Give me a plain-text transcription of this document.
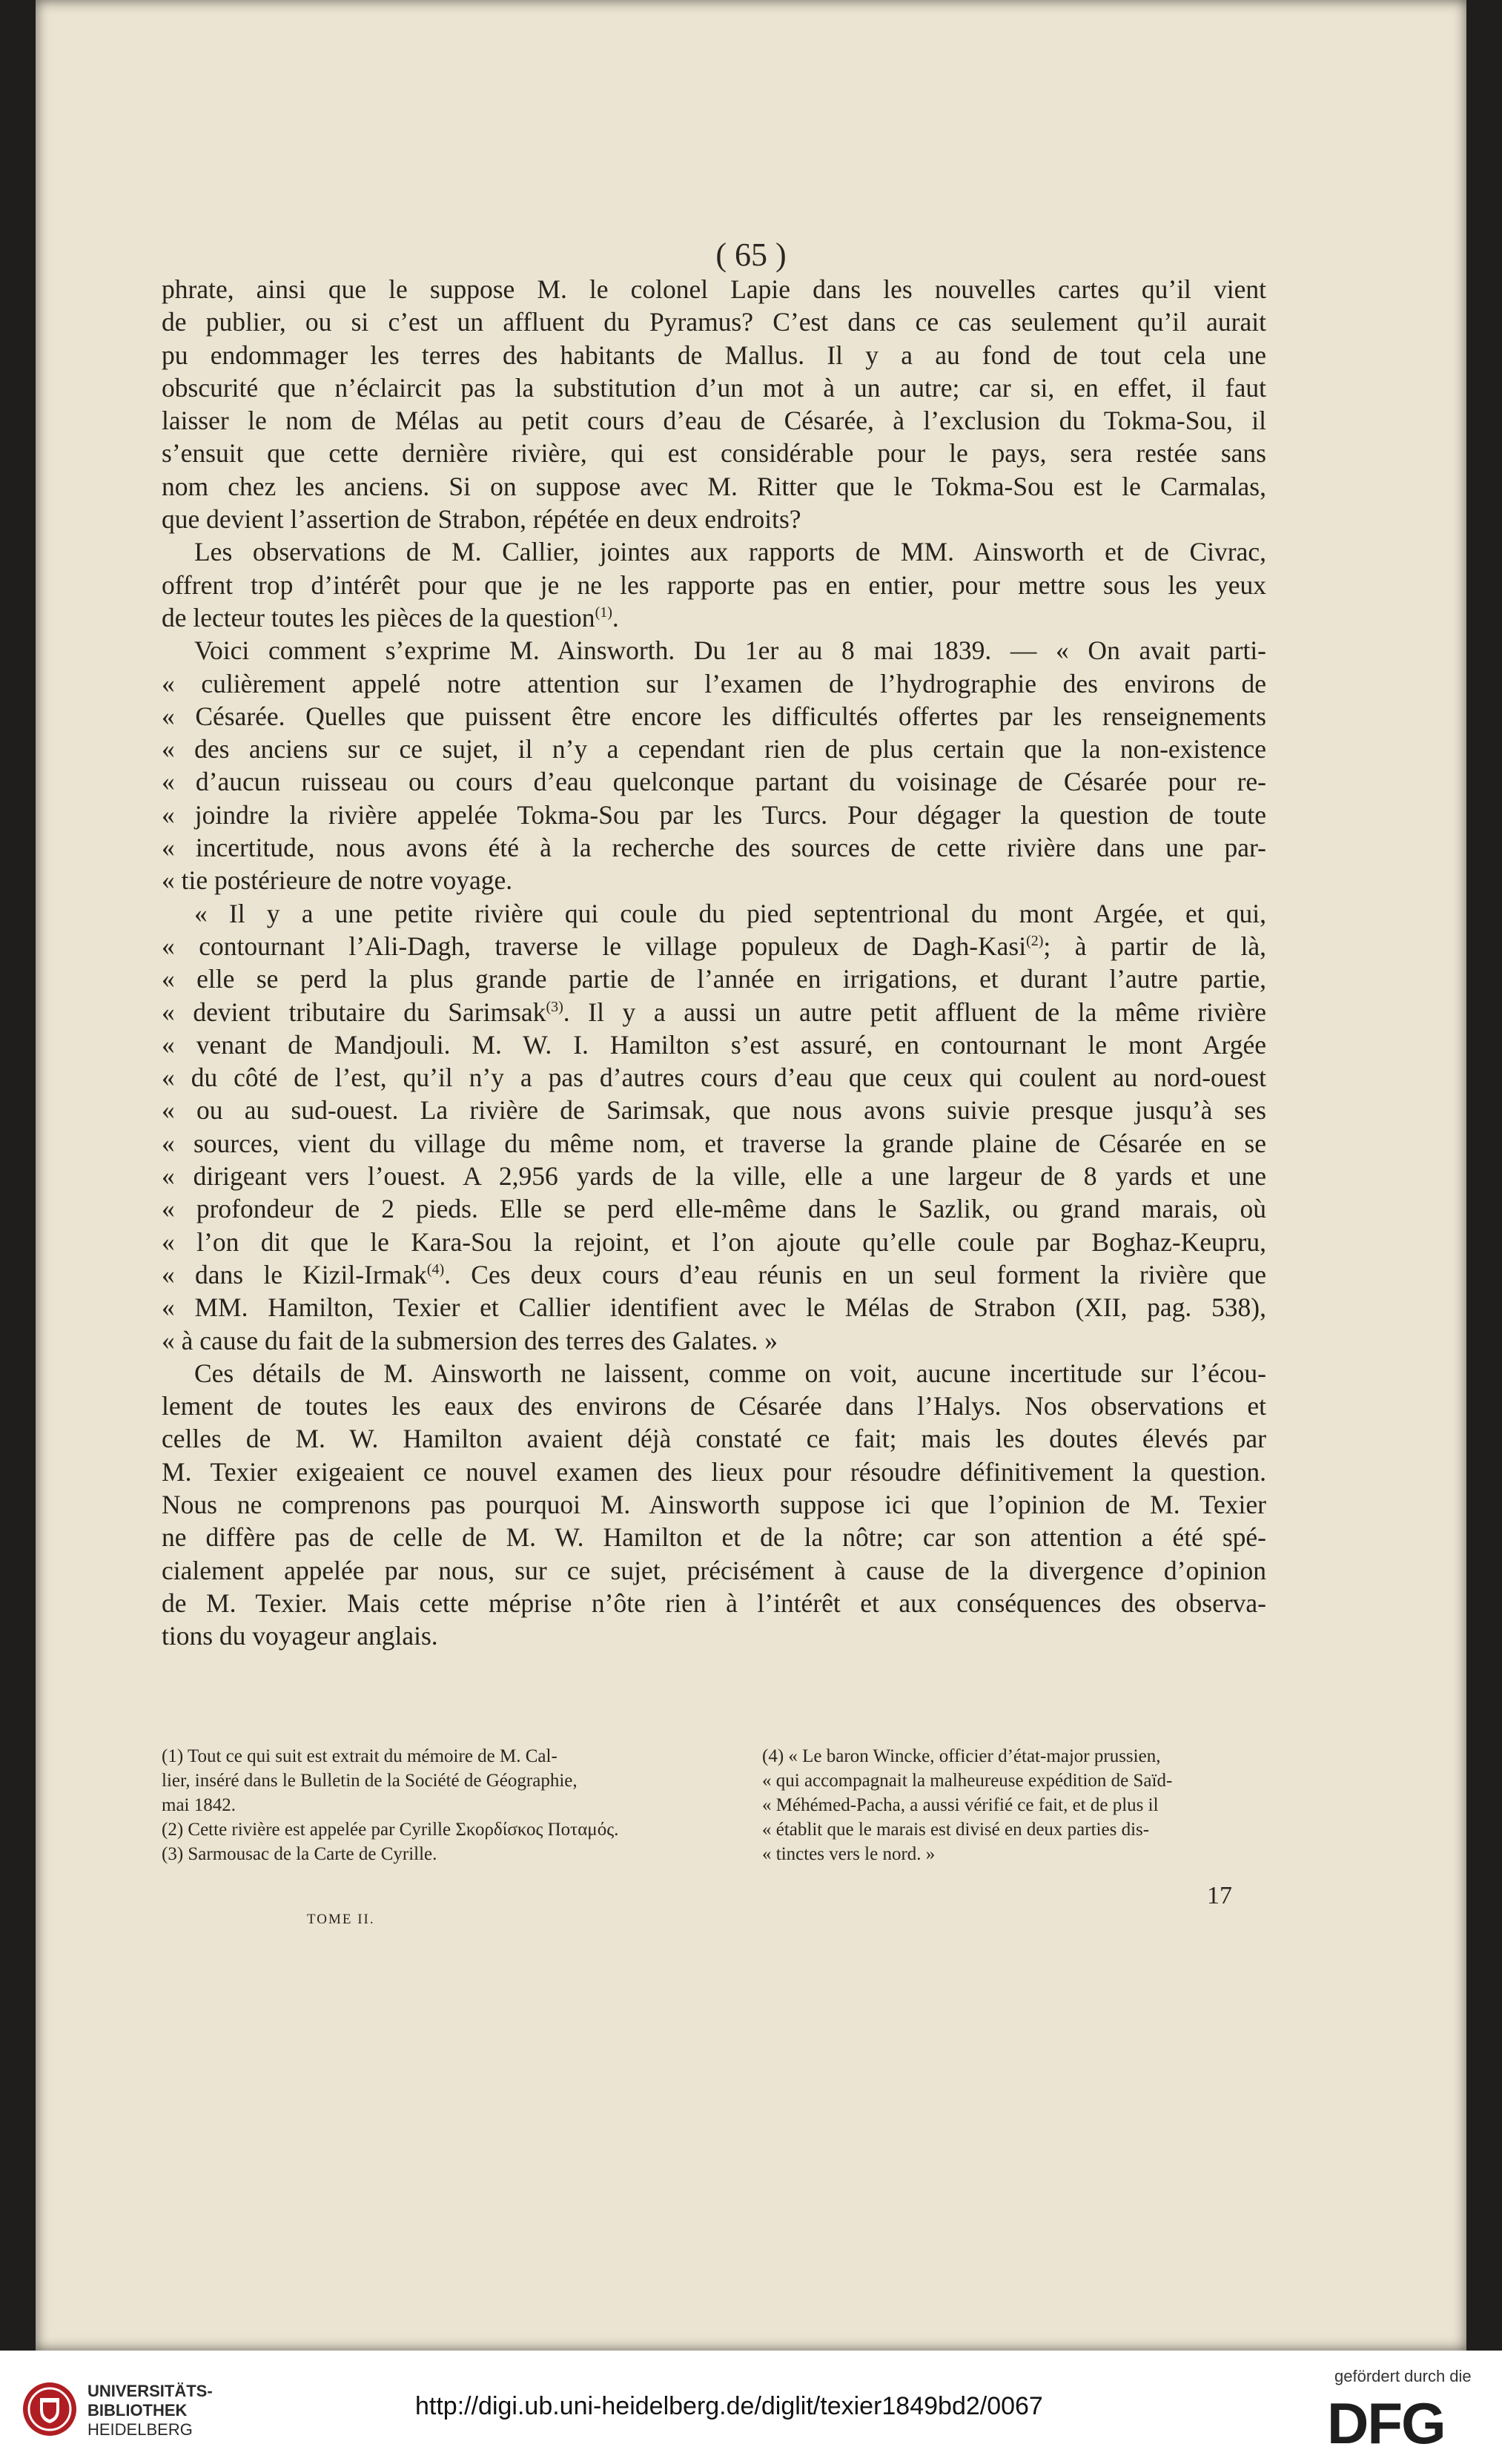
( 65 )
phrate, ainsi que le suppose M. le colonel Lapie dans les nouvelles cartes qu’il vient
de publier, ou si c’est un affluent du Pyramus? C’est dans ce cas seulement qu’il aurait
pu endommager les terres des habitants de Mallus. Il y a au fond de tout cela une
obscurité que n’éclaircit pas la substitution d’un mot à un autre; car si, en effet, il faut
laisser le nom de Mélas au petit cours d’eau de Césarée, à l’exclusion du Tokma-Sou, il
s’ensuit que cette dernière rivière, qui est considérable pour le pays, sera restée sans
nom chez les anciens. Si on suppose avec M. Ritter que le Tokma-Sou est le Carmalas,
que devient l’assertion de Strabon, répétée en deux endroits?
Les observations de M. Callier, jointes aux rapports de MM. Ainsworth et de Civrac,
offrent trop d’intérêt pour que je ne les rapporte pas en entier, pour mettre sous les yeux
de lecteur toutes les pièces de la question$^{(1)}$.
Voici comment s’exprime M. Ainsworth. Du 1er au 8 mai 1839. — « On avait parti-
« culièrement appelé notre attention sur l’examen de l’hydrographie des environs de
« Césarée. Quelles que puissent être encore les difficultés offertes par les renseignements
« des anciens sur ce sujet, il n’y a cependant rien de plus certain que la non-existence
« d’aucun ruisseau ou cours d’eau quelconque partant du voisinage de Césarée pour re-
« joindre la rivière appelée Tokma-Sou par les Turcs. Pour dégager la question de toute
« incertitude, nous avons été à la recherche des sources de cette rivière dans une par-
« tie postérieure de notre voyage.
« Il y a une petite rivière qui coule du pied septentrional du mont Argée, et qui,
« contournant l’Ali-Dagh, traverse le village populeux de Dagh-Kasi$^{(2)}$; à partir de là,
« elle se perd la plus grande partie de l’année en irrigations, et durant l’autre partie,
« devient tributaire du Sarimsak$^{(3)}$. Il y a aussi un autre petit affluent de la même rivière
« venant de Mandjouli. M. W. I. Hamilton s’est assuré, en contournant le mont Argée
« du côté de l’est, qu’il n’y a pas d’autres cours d’eau que ceux qui coulent au nord-ouest
« ou au sud-ouest. La rivière de Sarimsak, que nous avons suivie presque jusqu’à ses
« sources, vient du village du même nom, et traverse la grande plaine de Césarée en se
« dirigeant vers l’ouest. A 2,956 yards de la ville, elle a une largeur de 8 yards et une
« profondeur de 2 pieds. Elle se perd elle-même dans le Sazlik, ou grand marais, où
« l’on dit que le Kara-Sou la rejoint, et l’on ajoute qu’elle coule par Boghaz-Keupru,
« dans le Kizil-Irmak$^{(4)}$. Ces deux cours d’eau réunis en un seul forment la rivière que
« MM. Hamilton, Texier et Callier identifient avec le Mélas de Strabon (XII, pag. 538),
« à cause du fait de la submersion des terres des Galates. »
Ces détails de M. Ainsworth ne laissent, comme on voit, aucune incertitude sur l’écou-
lement de toutes les eaux des environs de Césarée dans l’Halys. Nos observations et
celles de M. W. Hamilton avaient déjà constaté ce fait; mais les doutes élevés par
M. Texier exigeaient ce nouvel examen des lieux pour résoudre définitivement la question.
Nous ne comprenons pas pourquoi M. Ainsworth suppose ici que l’opinion de M. Texier
ne diffère pas de celle de M. W. Hamilton et de la nôtre; car son attention a été spé-
cialement appelée par nous, sur ce sujet, précisément à cause de la divergence d’opinion
de M. Texier. Mais cette méprise n’ôte rien à l’intérêt et aux conséquences des observa-
tions du voyageur anglais.
(1) Tout ce qui suit est extrait du mémoire de M. Cal-
lier, inséré dans le Bulletin de la Société de Géographie,
mai 1842.
(2) Cette rivière est appelée par Cyrille Σκορδίσκος Ποταμός.
(3) Sarmousac de la Carte de Cyrille.
(4) « Le baron Wincke, officier d’état-major prussien,
« qui accompagnait la malheureuse expédition de Saïd-
« Méhémed-Pacha, a aussi vérifié ce fait, et de plus il
« établit que le marais est divisé en deux parties dis-
« tinctes vers le nord. »
17
TOME II.
UNIVERSITÄTS-
BIBLIOTHEK
HEIDELBERG
http://digi.ub.uni-heidelberg.de/diglit/texier1849bd2/0067
gefördert durch die
DFG
